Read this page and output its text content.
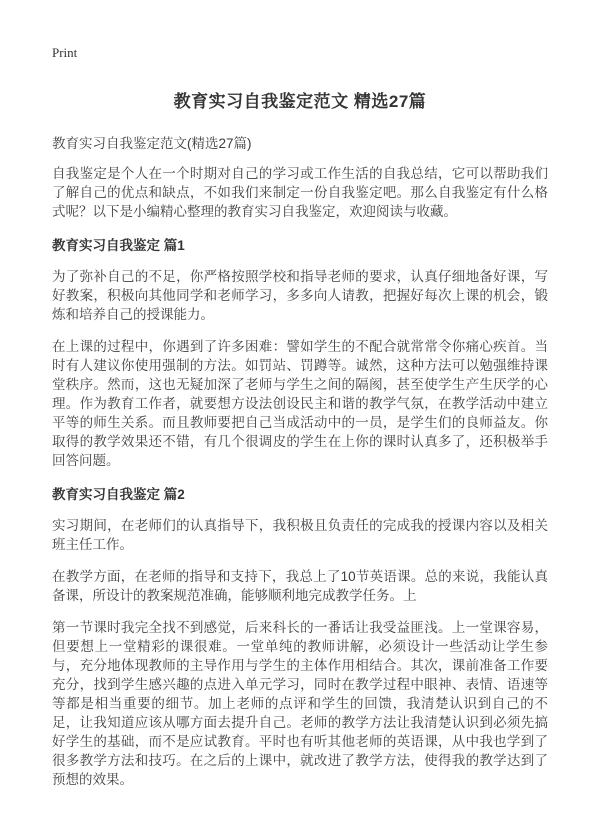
Print
教育实习自我鉴定范文 精选27篇

教育实习自我鉴定范文(精选27篇)

自我鉴定是个人在一个时期对自己的学习或工作生活的自我总结，它可以帮助我们了解自己的优点和缺点，不如我们来制定一份自我鉴定吧。那么自我鉴定有什么格式呢？以下是小编精心整理的教育实习自我鉴定，欢迎阅读与收藏。

教育实习自我鉴定 篇1

为了弥补自己的不足，你严格按照学校和指导老师的要求，认真仔细地备好课，写好教案，积极向其他同学和老师学习，多多向人请教，把握好每次上课的机会，锻炼和培养自己的授课能力。

在上课的过程中，你遇到了许多困难：譬如学生的不配合就常常令你痛心疾首。当时有人建议你使用强制的方法。如罚站、罚蹲等。诚然，这种方法可以勉强维持课堂秩序。然而，这也无疑加深了老师与学生之间的隔阂，甚至使学生产生厌学的心理。作为教育工作者，就要想方设法创设民主和谐的教学气氛，在教学活动中建立平等的师生关系。而且教师要把自己当成活动中的一员，是学生们的良师益友。你取得的教学效果还不错，有几个很调皮的学生在上你的课时认真多了，还积极举手回答问题。

教育实习自我鉴定 篇2

实习期间，在老师们的认真指导下，我积极且负责任的完成我的授课内容以及相关班主任工作。

在教学方面，在老师的指导和支持下，我总上了10节英语课。总的来说，我能认真备课，所设计的教案规范准确，能够顺利地完成教学任务。上

第一节课时我完全找不到感觉，后来科长的一番话让我受益匪浅。上一堂课容易，但要想上一堂精彩的课很难。一堂单纯的教师讲解，必须设计一些活动让学生参与，充分地体现教师的主导作用与学生的主体作用相结合。其次，课前准备工作要充分，找到学生感兴趣的点进入单元学习，同时在教学过程中眼神、表情、语速等等都是相当重要的细节。加上老师的点评和学生的回馈，我清楚认识到自己的不足，让我知道应该从哪方面去提升自己。老师的教学方法让我清楚认识到必须先搞好学生的基础，而不是应试教育。平时也有听其他老师的英语课，从中我也学到了很多教学方法和技巧。在之后的上课中，就改进了教学方法，使得我的教学达到了预想的效果。
